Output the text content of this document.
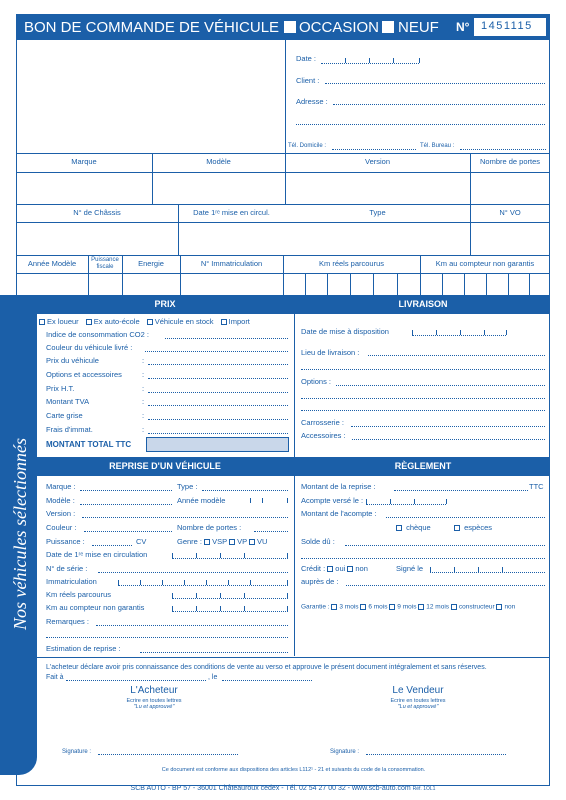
BON DE COMMANDE DE VÉHICULE OCCASION NEUF N° 1451115
Date :
Client :
Adresse :
Tél. Domicile :	Tél. Bureau :
Marque	Modèle	Version	Nombre de portes
N° de Châssis	Date 1ʳᵉ mise en circul.	Type	N° VO
Année Modèle	Puissance fiscale	Energie	N° Immatriculation	Km réels parcourus	Km au compteur non garantis
Nos véhicules sélectionnés
PRIX	LIVRAISON
Ex loueur Ex auto-école Véhicule en stock Import
Indice de consommation CO2 :
Couleur du véhicule livré :
Prix du véhicule	:
Options et accessoires	:
Prix H.T.	:
Montant TVA	:
Carte grise	:
Frais d'immat.	:
MONTANT TOTAL TTC
Date de mise à disposition
Lieu de livraison :
Options :
Carrosserie :
Accessoires :
REPRISE D'UN VÉHICULE	RÈGLEMENT
Marque :	Type :
Modèle :	Année modèle
Version :
Couleur :	Nombre de portes :
Puissance :	CV	Genre : VSP VP VU
Date de 1ʳᵉ mise en circulation
N° de série :
Immatriculation
Km réels parcourus
Km au compteur non garantis
Remarques :
Estimation de reprise :
Montant de la reprise :	TTC
Acompte versé le :
Montant de l'acompte :
chèque	espèces
Solde dû :
Crédit : oui non	Signé le
auprès de :
Garantie : 3 mois 6 mois 9 mois 12 mois constructeur non
L'acheteur déclare avoir pris connaissance des conditions de vente au verso et approuve le présent document intégralement et sans réserves.
Fait à	, le
L'Acheteur
Ecrire en toutes lettres
"Lu et approuvé"
Le Vendeur
Ecrire en toutes lettres
"Lu et approuvé"
Signature :	Signature :
Ce document est conforme aux dispositions des articles L112¹ - 21 et suivants du code de la consommation.
SCB AUTO - BP 57 - 36001 Châteauroux cedex - Tél. 02 54 27 00 32 - www.scb-auto.com Réf. 1OL1
